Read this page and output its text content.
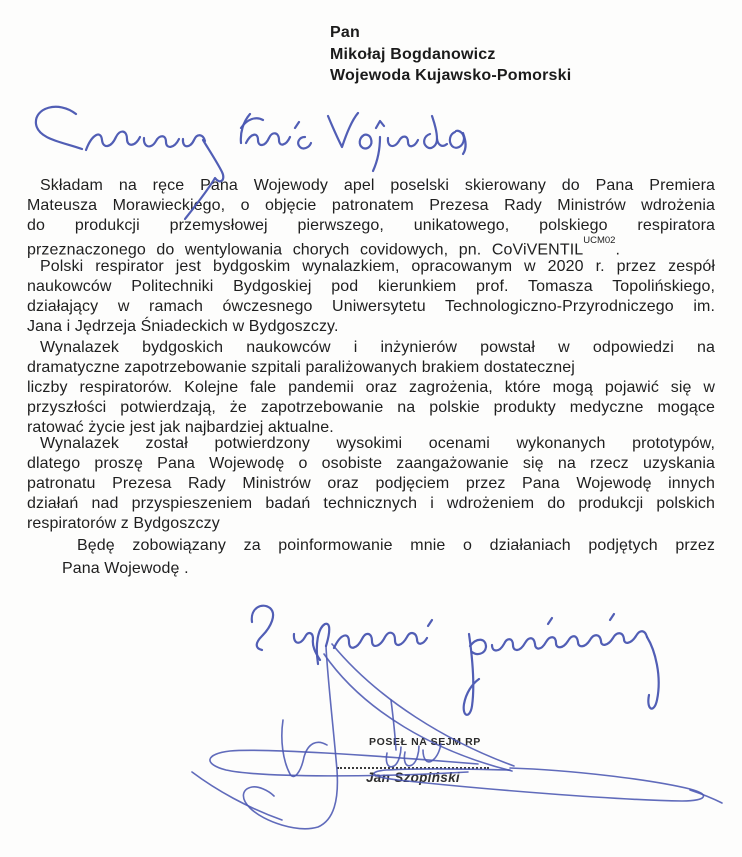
Pan
Mikołaj Bogdanowicz
Wojewoda Kujawsko-Pomorski
Składam na ręce Pana Wojewody apel poselski skierowany do Pana Premiera
Mateusza Morawieckiego, o objęcie patronatem Prezesa Rady Ministrów wdrożenia
do produkcji przemysłowej pierwszego, unikatowego, polskiego respiratora
przeznaczonego do wentylowania chorych covidowych, pn. CoViVENTIL$^{UCM02}$.
Polski respirator jest bydgoskim wynalazkiem, opracowanym w 2020 r. przez zespół
naukowców Politechniki Bydgoskiej pod kierunkiem prof. Tomasza Topolińskiego,
działający w ramach ówczesnego Uniwersytetu Technologiczno-Przyrodniczego im.
Jana i Jędrzeja Śniadeckich w Bydgoszczy.
Wynalazek bydgoskich naukowców i inżynierów powstał w odpowiedzi na
dramatyczne zapotrzebowanie szpitali paraliżowanych brakiem dostatecznej
liczby respiratorów. Kolejne fale pandemii oraz zagrożenia, które mogą pojawić się w
przyszłości potwierdzają, że zapotrzebowanie na polskie produkty medyczne mogące
ratować życie jest jak najbardziej aktualne.
Wynalazek został potwierdzony wysokimi ocenami wykonanych prototypów,
dlatego proszę Pana Wojewodę o osobiste zaangażowanie się na rzecz uzyskania
patronatu Prezesa Rady Ministrów oraz podjęciem przez Pana Wojewodę innych
działań nad przyspieszeniem badań technicznych i wdrożeniem do produkcji polskich
respiratorów z Bydgoszczy
Będę zobowiązany za poinformowanie mnie o działaniach podjętych przez
Pana Wojewodę .
POSEŁ NA SEJM RP
Jan Szopiński
